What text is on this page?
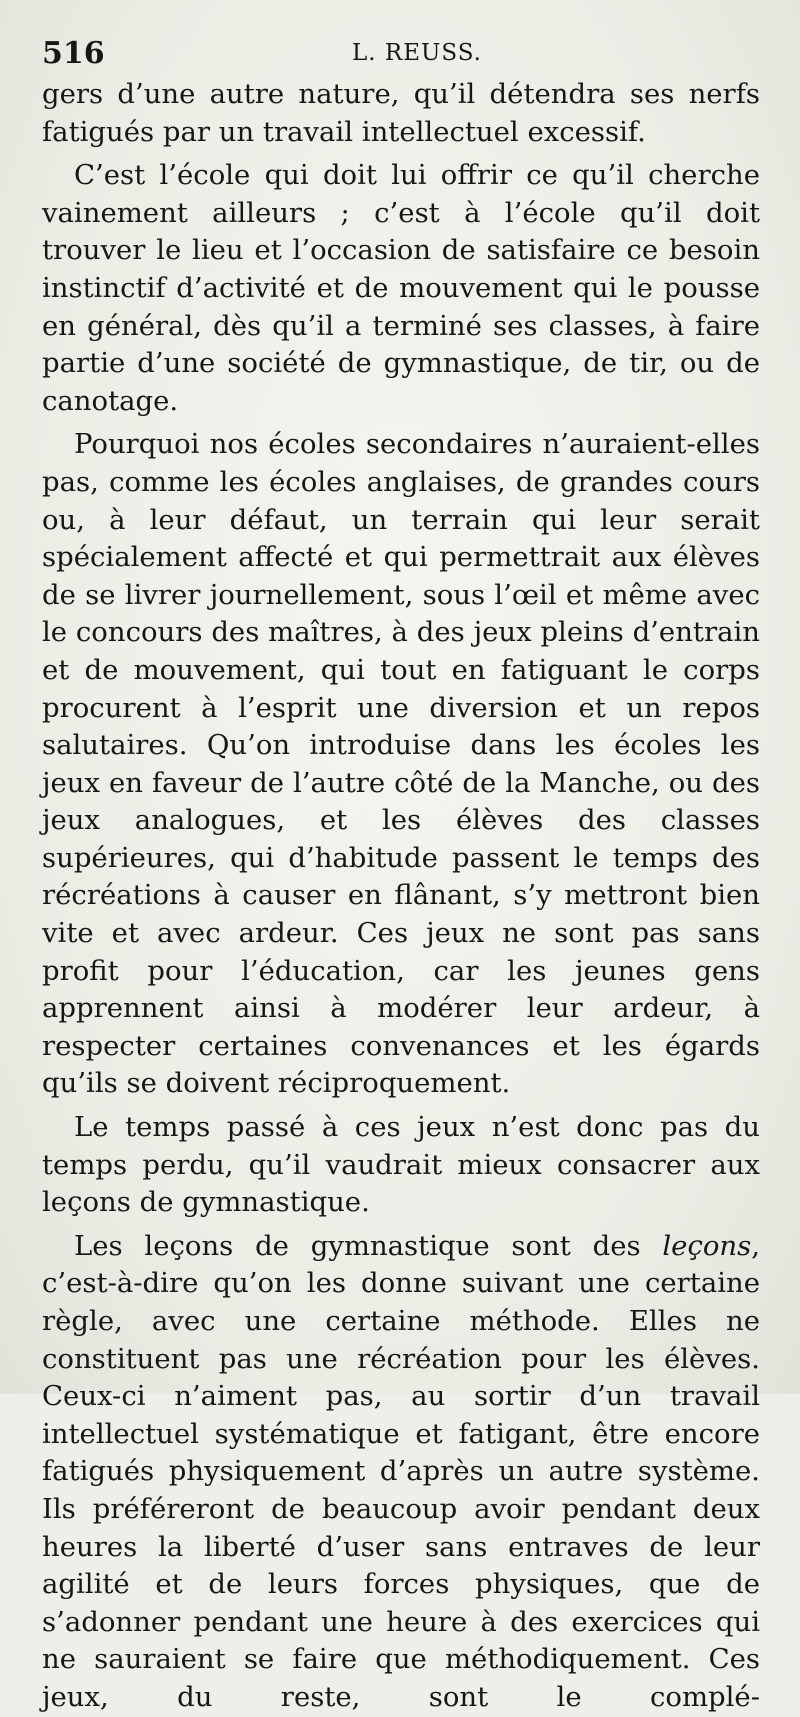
516	L. REUSS.

gers d’une autre nature, qu’il détendra ses nerfs fatigués par un travail intellectuel excessif.

C’est l’école qui doit lui offrir ce qu’il cherche vainement ailleurs ; c’est à l’école qu’il doit trouver le lieu et l’occasion de satisfaire ce besoin instinctif d’activité et de mouvement qui le pousse en général, dès qu’il a terminé ses classes, à faire partie d’une société de gymnastique, de tir, ou de canotage.

Pourquoi nos écoles secondaires n’auraient-elles pas, comme les écoles anglaises, de grandes cours ou, à leur défaut, un terrain qui leur serait spécialement affecté et qui permettrait aux élèves de se livrer journellement, sous l’œil et même avec le concours des maîtres, à des jeux pleins d’entrain et de mouvement, qui tout en fatiguant le corps procurent à l’esprit une diversion et un repos salutaires. Qu’on introduise dans les écoles les jeux en faveur de l’autre côté de la Manche, ou des jeux analogues, et les élèves des classes supérieures, qui d’habitude passent le temps des récréations à causer en flânant, s’y mettront bien vite et avec ardeur. Ces jeux ne sont pas sans profit pour l’éducation, car les jeunes gens apprennent ainsi à modérer leur ardeur, à respecter certaines convenances et les égards qu’ils se doivent réciproquement.

Le temps passé à ces jeux n’est donc pas du temps perdu, qu’il vaudrait mieux consacrer aux leçons de gymnastique.

Les leçons de gymnastique sont des leçons, c’est-à-dire qu’on les donne suivant une certaine règle, avec une certaine méthode. Elles ne constituent pas une récréation pour les élèves. Ceux-ci n’aiment pas, au sortir d’un travail intellectuel systématique et fatigant, être encore fatigués physiquement d’après un autre système. Ils préféreront de beaucoup avoir pendant deux heures la liberté d’user sans entraves de leur agilité et de leurs forces physiques, que de s’adonner pendant une heure à des exercices qui ne sauraient se faire que méthodiquement. Ces jeux, du reste, sont le complé-
